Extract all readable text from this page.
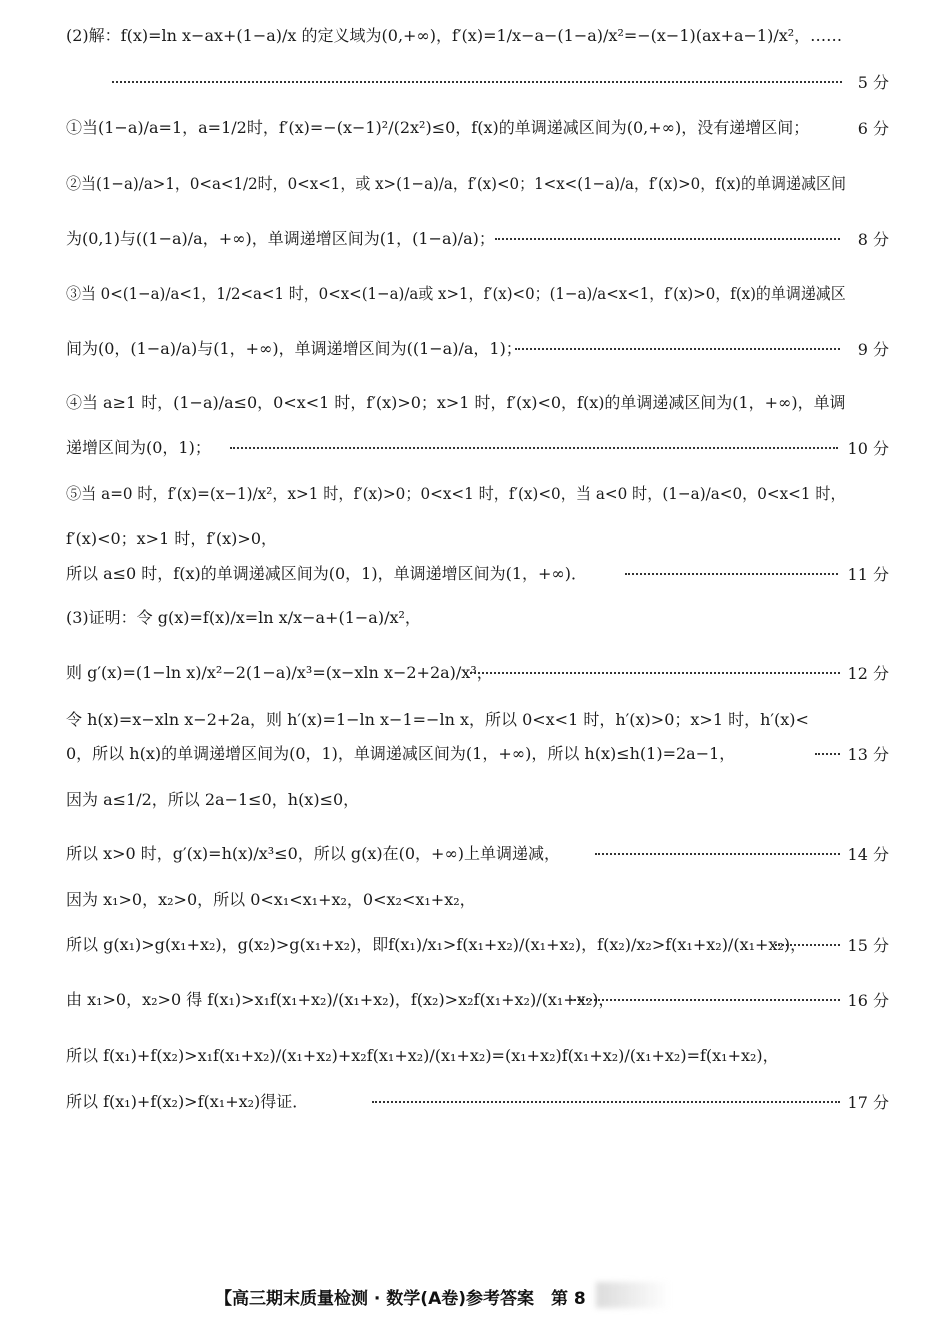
(2)解：f(x)=ln x−ax+(1−a)/x 的定义域为(0,+∞)，f′(x)=1/x−a−(1−a)/x²=−(x−1)(ax+a−1)/x²，……
5 分
①当(1−a)/a=1，a=1/2时，f′(x)=−(x−1)²/(2x²)≤0，f(x)的单调递减区间为(0,+∞)，没有递增区间；	6 分
②当(1−a)/a>1，0<a<1/2时，0<x<1，或 x>(1−a)/a，f′(x)<0；1<x<(1−a)/a，f′(x)>0，f(x)的单调递减区间
为(0,1)与((1−a)/a，+∞)，单调递增区间为(1，(1−a)/a)；	8 分
③当 0<(1−a)/a<1，1/2<a<1 时，0<x<(1−a)/a或 x>1，f′(x)<0；(1−a)/a<x<1，f′(x)>0，f(x)的单调递减区
间为(0，(1−a)/a)与(1，+∞)，单调递增区间为((1−a)/a，1)；	9 分
④当 a≥1 时，(1−a)/a≤0，0<x<1 时，f′(x)>0；x>1 时，f′(x)<0，f(x)的单调递减区间为(1，+∞)，单调
递增区间为(0，1)；	10 分
⑤当 a=0 时，f′(x)=(x−1)/x²，x>1 时，f′(x)>0；0<x<1 时，f′(x)<0，当 a<0 时，(1−a)/a<0，0<x<1 时，
f′(x)<0；x>1 时，f′(x)>0，
所以 a≤0 时，f(x)的单调递减区间为(0，1)，单调递增区间为(1，+∞)．	11 分
(3)证明：令 g(x)=f(x)/x=ln x/x−a+(1−a)/x²，
则 g′(x)=(1−ln x)/x²−2(1−a)/x³=(x−xln x−2+2a)/x³，	12 分
令 h(x)=x−xln x−2+2a，则 h′(x)=1−ln x−1=−ln x，所以 0<x<1 时，h′(x)>0；x>1 时，h′(x)<
0，所以 h(x)的单调递增区间为(0，1)，单调递减区间为(1，+∞)，所以 h(x)≤h(1)=2a−1，	13 分
因为 a≤1/2，所以 2a−1≤0，h(x)≤0，
所以 x>0 时，g′(x)=h(x)/x³≤0，所以 g(x)在(0，+∞)上单调递减，	14 分
因为 x₁>0，x₂>0，所以 0<x₁<x₁+x₂，0<x₂<x₁+x₂，
所以 g(x₁)>g(x₁+x₂)，g(x₂)>g(x₁+x₂)，即f(x₁)/x₁>f(x₁+x₂)/(x₁+x₂)，f(x₂)/x₂>f(x₁+x₂)/(x₁+x₂)，	15 分
由 x₁>0，x₂>0 得 f(x₁)>x₁f(x₁+x₂)/(x₁+x₂)，f(x₂)>x₂f(x₁+x₂)/(x₁+x₂)，	16 分
所以 f(x₁)+f(x₂)>x₁f(x₁+x₂)/(x₁+x₂)+x₂f(x₁+x₂)/(x₁+x₂)=(x₁+x₂)f(x₁+x₂)/(x₁+x₂)=f(x₁+x₂)，
所以 f(x₁)+f(x₂)>f(x₁+x₂)得证．	17 分
【高三期末质量检测 · 数学(A卷)参考答案　第 8
